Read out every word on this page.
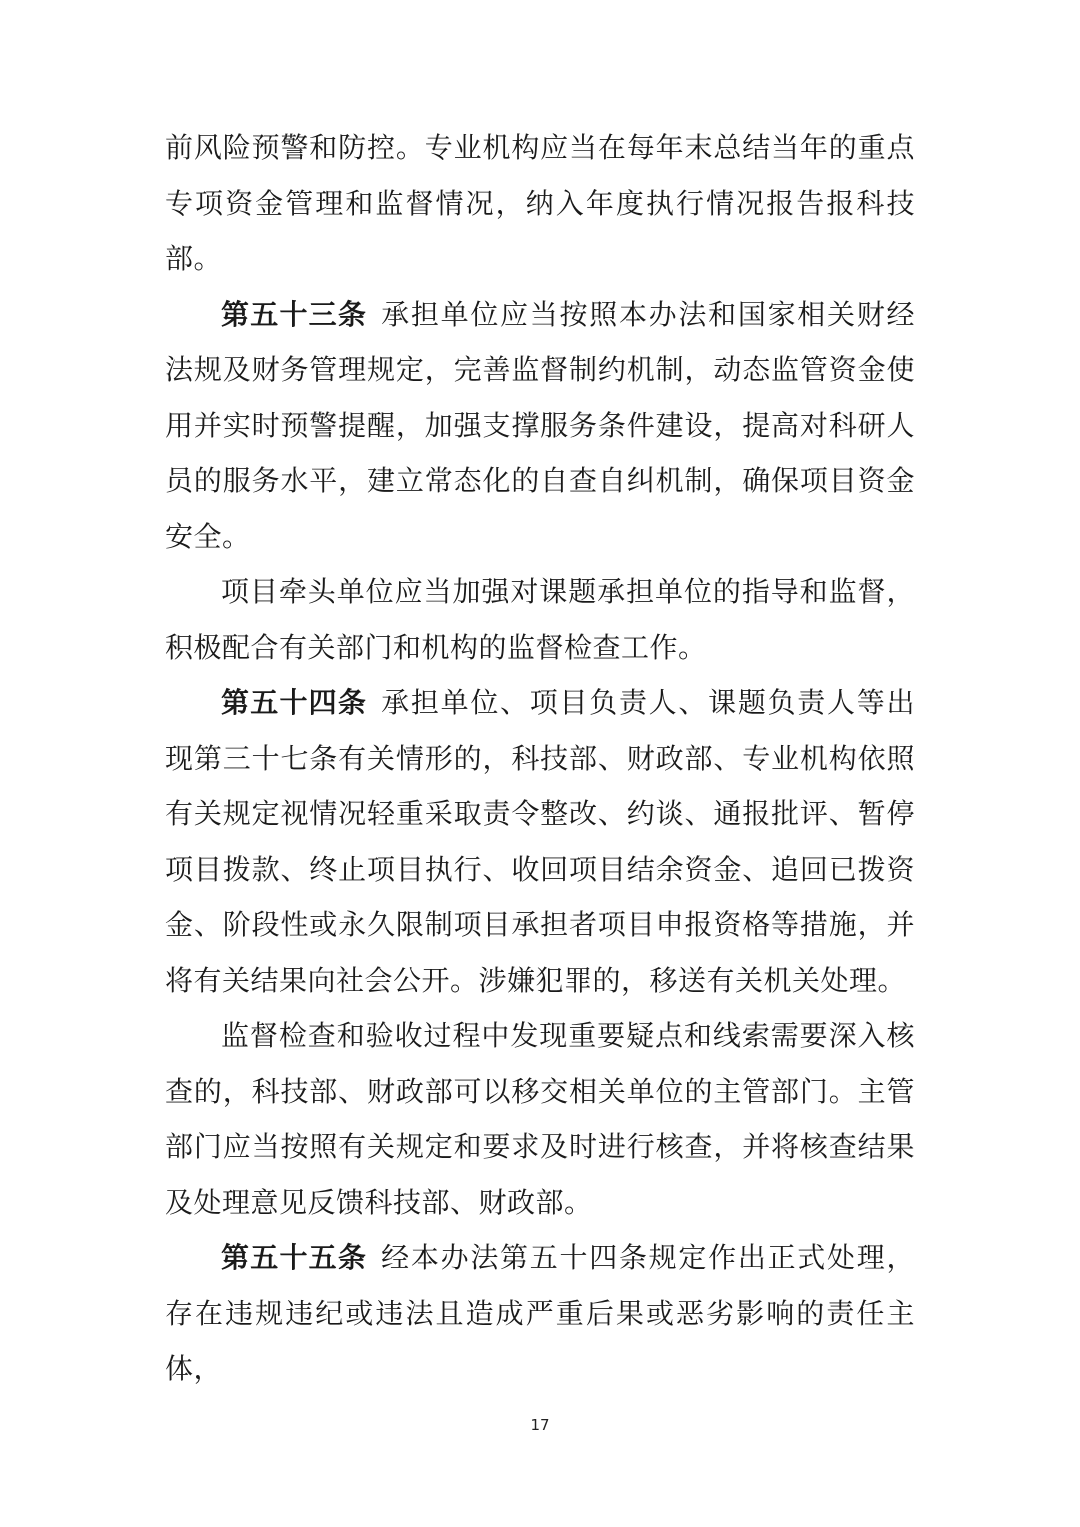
前风险预警和防控。专业机构应当在每年末总结当年的重点专项资金管理和监督情况，纳入年度执行情况报告报科技部。

第五十三条 承担单位应当按照本办法和国家相关财经法规及财务管理规定，完善监督制约机制，动态监管资金使用并实时预警提醒，加强支撑服务条件建设，提高对科研人员的服务水平，建立常态化的自查自纠机制，确保项目资金安全。

项目牵头单位应当加强对课题承担单位的指导和监督，积极配合有关部门和机构的监督检查工作。

第五十四条 承担单位、项目负责人、课题负责人等出现第三十七条有关情形的，科技部、财政部、专业机构依照有关规定视情况轻重采取责令整改、约谈、通报批评、暂停项目拨款、终止项目执行、收回项目结余资金、追回已拨资金、阶段性或永久限制项目承担者项目申报资格等措施，并将有关结果向社会公开。涉嫌犯罪的，移送有关机关处理。

监督检查和验收过程中发现重要疑点和线索需要深入核查的，科技部、财政部可以移交相关单位的主管部门。主管部门应当按照有关规定和要求及时进行核查，并将核查结果及处理意见反馈科技部、财政部。

第五十五条 经本办法第五十四条规定作出正式处理，存在违规违纪或违法且造成严重后果或恶劣影响的责任主体，

17
